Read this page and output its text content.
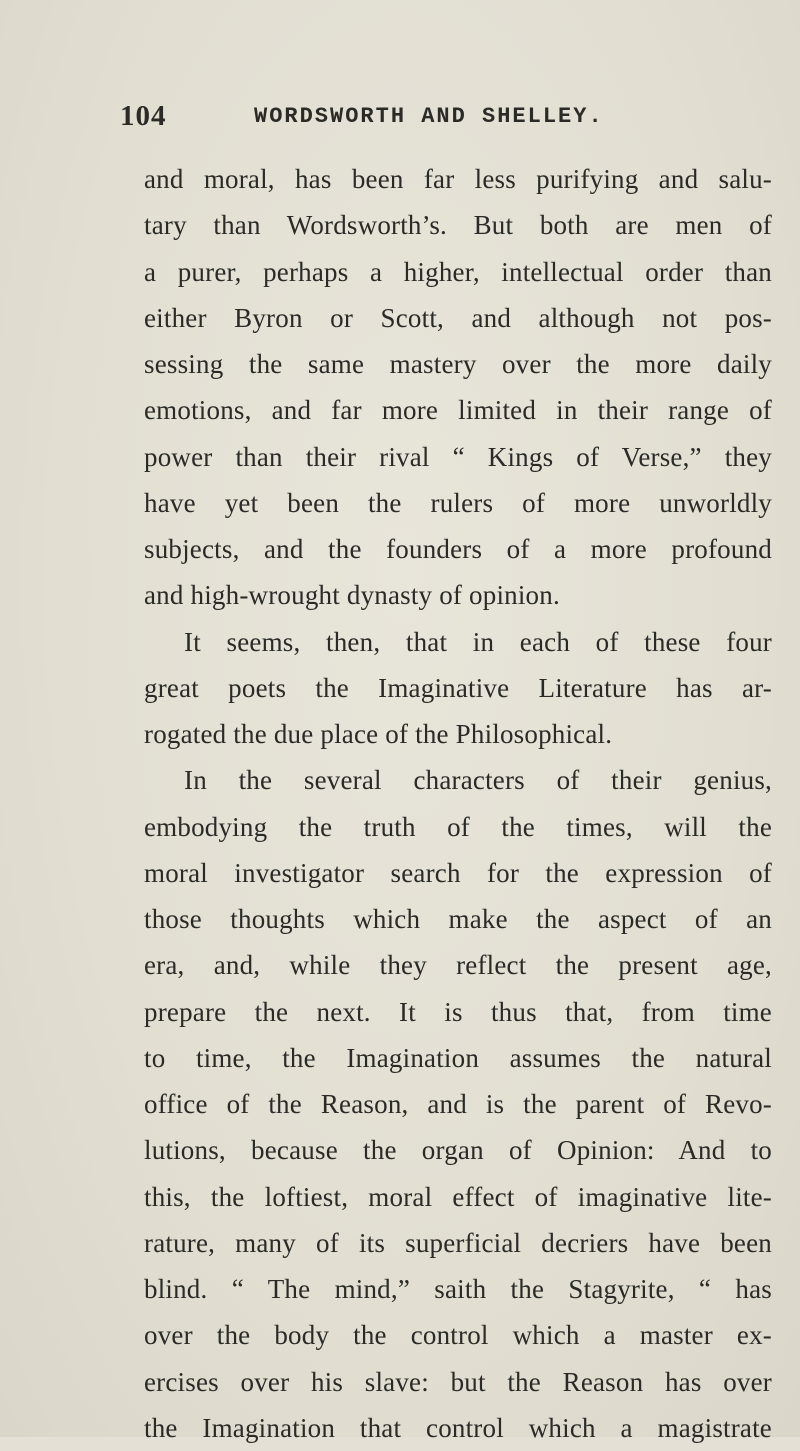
104	WORDSWORTH AND SHELLEY.
and moral, has been far less purifying and salu-
tary than Wordsworth’s. But both are men of
a purer, perhaps a higher, intellectual order than
either Byron or Scott, and although not pos-
sessing the same mastery over the more daily
emotions, and far more limited in their range of
power than their rival “ Kings of Verse,” they
have yet been the rulers of more unworldly
subjects, and the founders of a more profound
and high-wrought dynasty of opinion.
It seems, then, that in each of these four
great poets the Imaginative Literature has ar-
rogated the due place of the Philosophical.
In the several characters of their genius,
embodying the truth of the times, will the
moral investigator search for the expression of
those thoughts which make the aspect of an
era, and, while they reflect the present age,
prepare the next. It is thus that, from time
to time, the Imagination assumes the natural
office of the Reason, and is the parent of Revo-
lutions, because the organ of Opinion: And to
this, the loftiest, moral effect of imaginative lite-
rature, many of its superficial decriers have been
blind. “ The mind,” saith the Stagyrite, “ has
over the body the control which a master ex-
ercises over his slave: but the Reason has over
the Imagination that control which a magistrate
